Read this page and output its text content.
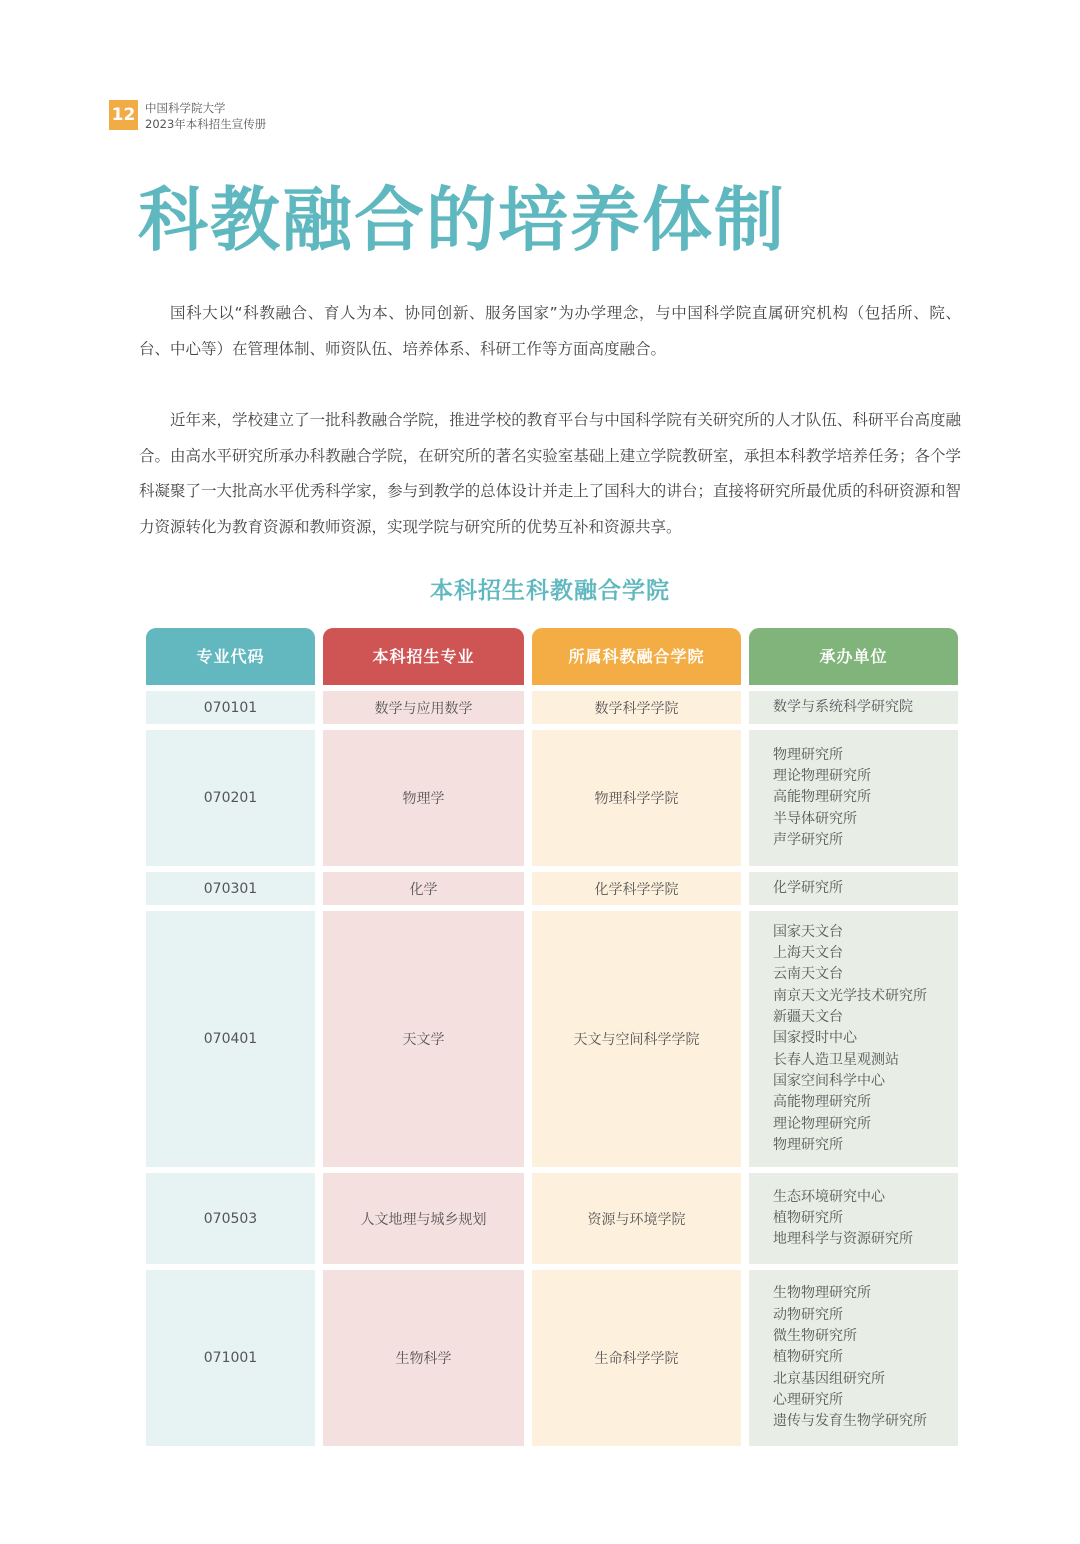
12 中国科学院大学
2023年本科招生宣传册
科教融合的培养体制

国科大以“科教融合、育人为本、协同创新、服务国家”为办学理念，与中国科学院直属研究机构（包括所、院、台、中心等）在管理体制、师资队伍、培养体系、科研工作等方面高度融合。

近年来，学校建立了一批科教融合学院，推进学校的教育平台与中国科学院有关研究所的人才队伍、科研平台高度融合。由高水平研究所承办科教融合学院，在研究所的著名实验室基础上建立学院教研室，承担本科教学培养任务；各个学科凝聚了一大批高水平优秀科学家，参与到教学的总体设计并走上了国科大的讲台；直接将研究所最优质的科研资源和智力资源转化为教育资源和教师资源，实现学院与研究所的优势互补和资源共享。

本科招生科教融合学院
专业代码	本科招生专业	所属科教融合学院	承办单位
070101	数学与应用数学	数学科学学院	数学与系统科学研究院
070201	物理学	物理科学学院
物理研究所
理论物理研究所
高能物理研究所
半导体研究所
声学研究所
070301	化学	化学科学学院	化学研究所
070401	天文学	天文与空间科学学院
国家天文台
上海天文台
云南天文台
南京天文光学技术研究所
新疆天文台
国家授时中心
长春人造卫星观测站
国家空间科学中心
高能物理研究所
理论物理研究所
物理研究所
070503	人文地理与城乡规划	资源与环境学院
生态环境研究中心
植物研究所
地理科学与资源研究所
071001	生物科学	生命科学学院
生物物理研究所
动物研究所
微生物研究所
植物研究所
北京基因组研究所
心理研究所
遗传与发育生物学研究所
